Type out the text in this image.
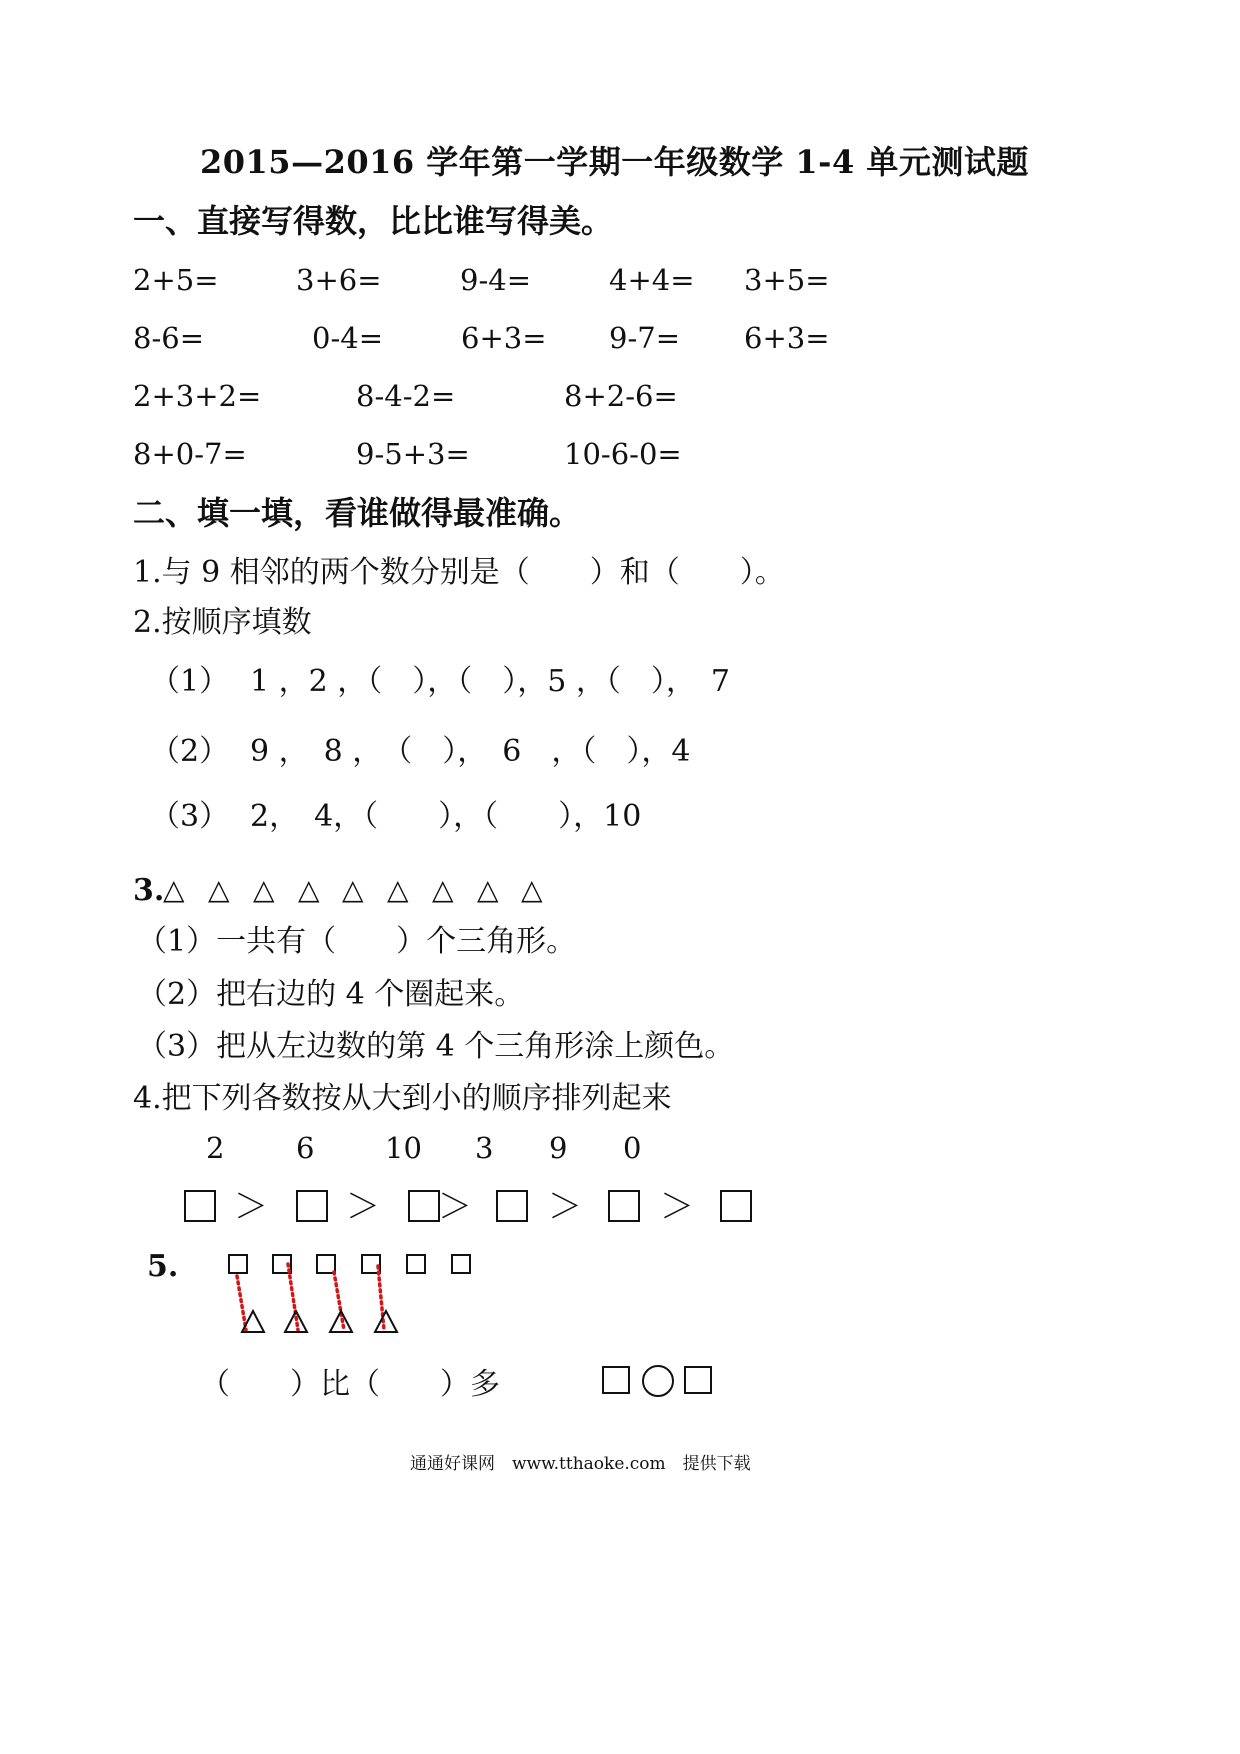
2015—2016 学年第一学期一年级数学 1-4 单元测试题
一、直接写得数，比比谁写得美。
2+5=	3+6=	9-4=	4+4= 3+5=
8-6=	0-4=	6+3= 9-7= 6+3=
2+3+2=	8-4-2=	8+2-6=
8+0-7=	9-5+3=	10-6-0=
二、填一填，看谁做得最准确。
1.与 9 相邻的两个数分别是（　　）和（　　）。
2.按顺序填数
（1） 1 ，2 ，（　），（　），5 ，（　），　7
（2） 9 ，　8 ，　（　），　6　，（　），4
（3） 2，　4，（　　），（　　），10
3.
△ △ △ △ △ △ △ △ △
（1）一共有（　　）个三角形。
（2）把右边的 4 个圈起来。
（3）把从左边数的第 4 个三角形涂上颜色。
4.把下列各数按从大到小的顺序排列起来
2 6 10 3 9 0
＞ ＞ ＞ ＞ ＞
5.
（　　）比（　　）多
通通好课网　www.tthaoke.com　提供下载
